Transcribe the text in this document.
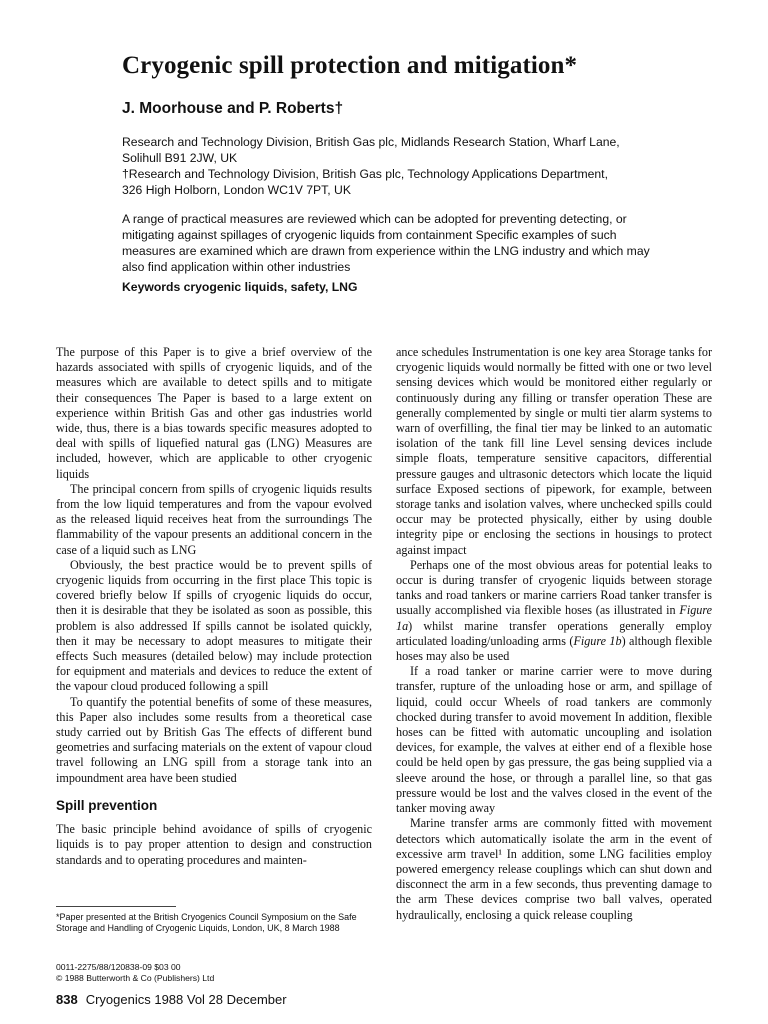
Cryogenic spill protection and mitigation*
J. Moorhouse and P. Roberts†
Research and Technology Division, British Gas plc, Midlands Research Station, Wharf Lane,
Solihull B91 2JW, UK
†Research and Technology Division, British Gas plc, Technology Applications Department,
326 High Holborn, London WC1V 7PT, UK
A range of practical measures are reviewed which can be adopted for preventing detecting, or mitigating against spillages of cryogenic liquids from containment Specific examples of such measures are examined which are drawn from experience within the LNG industry and which may also find application within other industries
Keywords cryogenic liquids, safety, LNG

The purpose of this Paper is to give a brief overview of the hazards associated with spills of cryogenic liquids, and of the measures which are available to detect spills and to mitigate their consequences The Paper is based to a large extent on experience within British Gas and other gas industries world wide, thus, there is a bias towards specific measures adopted to deal with spills of liquefied natural gas (LNG) Measures are included, however, which are applicable to other cryogenic liquids

The principal concern from spills of cryogenic liquids results from the low liquid temperatures and from the vapour evolved as the released liquid receives heat from the surroundings The flammability of the vapour presents an additional concern in the case of a liquid such as LNG

Obviously, the best practice would be to prevent spills of cryogenic liquids from occurring in the first place This topic is covered briefly below If spills of cryogenic liquids do occur, then it is desirable that they be isolated as soon as possible, this problem is also addressed If spills cannot be isolated quickly, then it may be necessary to adopt measures to mitigate their effects Such measures (detailed below) may include protection for equipment and materials and devices to reduce the extent of the vapour cloud produced following a spill

To quantify the potential benefits of some of these measures, this Paper also includes some results from a theoretical case study carried out by British Gas The effects of different bund geometries and surfacing materials on the extent of vapour cloud travel following an LNG spill from a storage tank into an impoundment area have been studied

Spill prevention

The basic principle behind avoidance of spills of cryogenic liquids is to pay proper attention to design and construction standards and to operating procedures and mainten-

ance schedules Instrumentation is one key area Storage tanks for cryogenic liquids would normally be fitted with one or two level sensing devices which would be monitored either regularly or continuously during any filling or transfer operation These are generally complemented by single or multi tier alarm systems to warn of overfilling, the final tier may be linked to an automatic isolation of the tank fill line Level sensing devices include simple floats, temperature sensitive capacitors, differential pressure gauges and ultrasonic detectors which locate the liquid surface Exposed sections of pipework, for example, between storage tanks and isolation valves, where unchecked spills could occur may be protected physically, either by using double integrity pipe or enclosing the sections in housings to protect against impact

Perhaps one of the most obvious areas for potential leaks to occur is during transfer of cryogenic liquids between storage tanks and road tankers or marine carriers Road tanker transfer is usually accomplished via flexible hoses (as illustrated in Figure 1a) whilst marine transfer operations generally employ articulated loading/unloading arms (Figure 1b) although flexible hoses may also be used

If a road tanker or marine carrier were to move during transfer, rupture of the unloading hose or arm, and spillage of liquid, could occur Wheels of road tankers are commonly chocked during transfer to avoid movement In addition, flexible hoses can be fitted with automatic uncoupling and isolation devices, for example, the valves at either end of a flexible hose could be held open by gas pressure, the gas being supplied via a sleeve around the hose, or through a parallel line, so that gas pressure would be lost and the valves closed in the event of the tanker moving away

Marine transfer arms are commonly fitted with movement detectors which automatically isolate the arm in the event of excessive arm travel¹ In addition, some LNG facilities employ powered emergency release couplings which can shut down and disconnect the arm in a few seconds, thus preventing damage to the arm These devices comprise two ball valves, operated hydraulically, enclosing a quick release coupling

*Paper presented at the British Cryogenics Council Symposium on the Safe Storage and Handling of Cryogenic Liquids, London, UK, 8 March 1988
0011-2275/88/120838-09 $03 00
© 1988 Butterworth & Co (Publishers) Ltd
838 Cryogenics 1988 Vol 28 December
